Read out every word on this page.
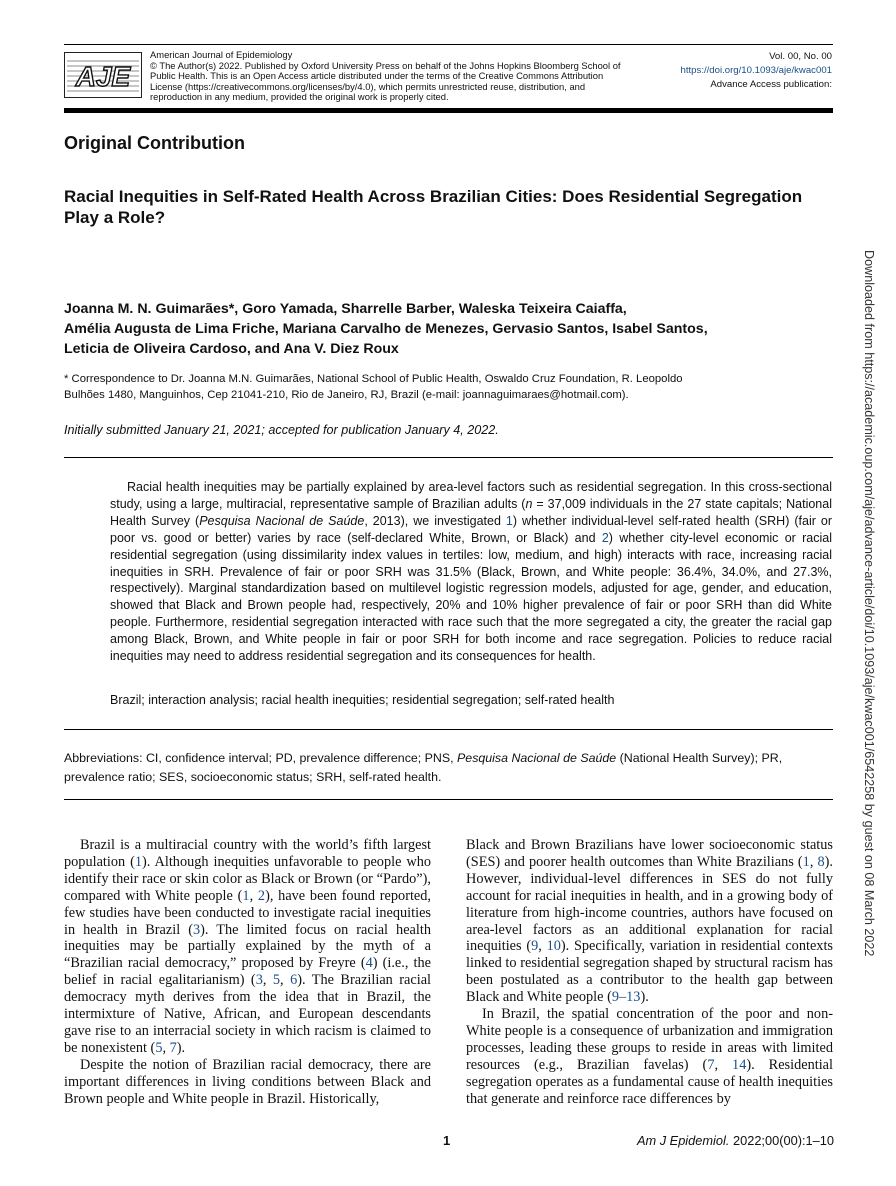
AJE
American Journal of Epidemiology
© The Author(s) 2022. Published by Oxford University Press on behalf of the Johns Hopkins Bloomberg School of
Public Health. This is an Open Access article distributed under the terms of the Creative Commons Attribution
License (https://creativecommons.org/licenses/by/4.0), which permits unrestricted reuse, distribution, and
reproduction in any medium, provided the original work is properly cited.
Vol. 00, No. 00
https://doi.org/10.1093/aje/kwac001
Advance Access publication:
Original Contribution
Racial Inequities in Self-Rated Health Across Brazilian Cities: Does Residential Segregation Play a Role?
Joanna M. N. Guimarães*, Goro Yamada, Sharrelle Barber, Waleska Teixeira Caiaffa,
Amélia Augusta de Lima Friche, Mariana Carvalho de Menezes, Gervasio Santos, Isabel Santos,
Leticia de Oliveira Cardoso, and Ana V. Diez Roux
* Correspondence to Dr. Joanna M.N. Guimarães, National School of Public Health, Oswaldo Cruz Foundation, R. Leopoldo
Bulhões 1480, Manguinhos, Cep 21041-210, Rio de Janeiro, RJ, Brazil (e-mail: joannaguimaraes@hotmail.com).
Initially submitted January 21, 2021; accepted for publication January 4, 2022.

Racial health inequities may be partially explained by area-level factors such as residential segregation. In this cross-sectional study, using a large, multiracial, representative sample of Brazilian adults (n = 37,009 individuals in the 27 state capitals; National Health Survey (Pesquisa Nacional de Saúde, 2013), we investigated 1) whether individual-level self-rated health (SRH) (fair or poor vs. good or better) varies by race (self-declared White, Brown, or Black) and 2) whether city-level economic or racial residential segregation (using dissimilarity index values in tertiles: low, medium, and high) interacts with race, increasing racial inequities in SRH. Prevalence of fair or poor SRH was 31.5% (Black, Brown, and White people: 36.4%, 34.0%, and 27.3%, respectively). Marginal standardization based on multilevel logistic regression models, adjusted for age, gender, and education, showed that Black and Brown people had, respectively, 20% and 10% higher prevalence of fair or poor SRH than did White people. Furthermore, residential segregation interacted with race such that the more segregated a city, the greater the racial gap among Black, Brown, and White people in fair or poor SRH for both income and race segregation. Policies to reduce racial inequities may need to address residential segregation and its consequences for health.

Brazil; interaction analysis; racial health inequities; residential segregation; self-rated health

Abbreviations: CI, confidence interval; PD, prevalence difference; PNS, Pesquisa Nacional de Saúde (National Health Survey); PR, prevalence ratio; SES, socioeconomic status; SRH, self-rated health.

Brazil is a multiracial country with the world’s fifth largest population (1). Although inequities unfavorable to people who identify their race or skin color as Black or Brown (or “Pardo”), compared with White people (1, 2), have been found reported, few studies have been conducted to investigate racial inequities in health in Brazil (3). The limited focus on racial health inequities may be partially explained by the myth of a “Brazilian racial democracy,” proposed by Freyre (4) (i.e., the belief in racial egalitarianism) (3, 5, 6). The Brazilian racial democracy myth derives from the idea that in Brazil, the intermixture of Native, African, and European descendants gave rise to an interracial society in which racism is claimed to be nonexistent (5, 7).

Despite the notion of Brazilian racial democracy, there are important differences in living conditions between Black and Brown people and White people in Brazil. Historically,

Black and Brown Brazilians have lower socioeconomic status (SES) and poorer health outcomes than White Brazilians (1, 8). However, individual-level differences in SES do not fully account for racial inequities in health, and in a growing body of literature from high-income countries, authors have focused on area-level factors as an additional explanation for racial inequities (9, 10). Specifically, variation in residential contexts linked to residential segregation shaped by structural racism has been postulated as a contributor to the health gap between Black and White people (9–13).

In Brazil, the spatial concentration of the poor and non-White people is a consequence of urbanization and immigration processes, leading these groups to reside in areas with limited resources (e.g., Brazilian favelas) (7, 14). Residential segregation operates as a fundamental cause of health inequities that generate and reinforce race differences by

1	Am J Epidemiol. 2022;00(00):1–10
Downloaded from https://academic.oup.com/aje/advance-article/doi/10.1093/aje/kwac001/6542258 by guest on 08 March 2022
